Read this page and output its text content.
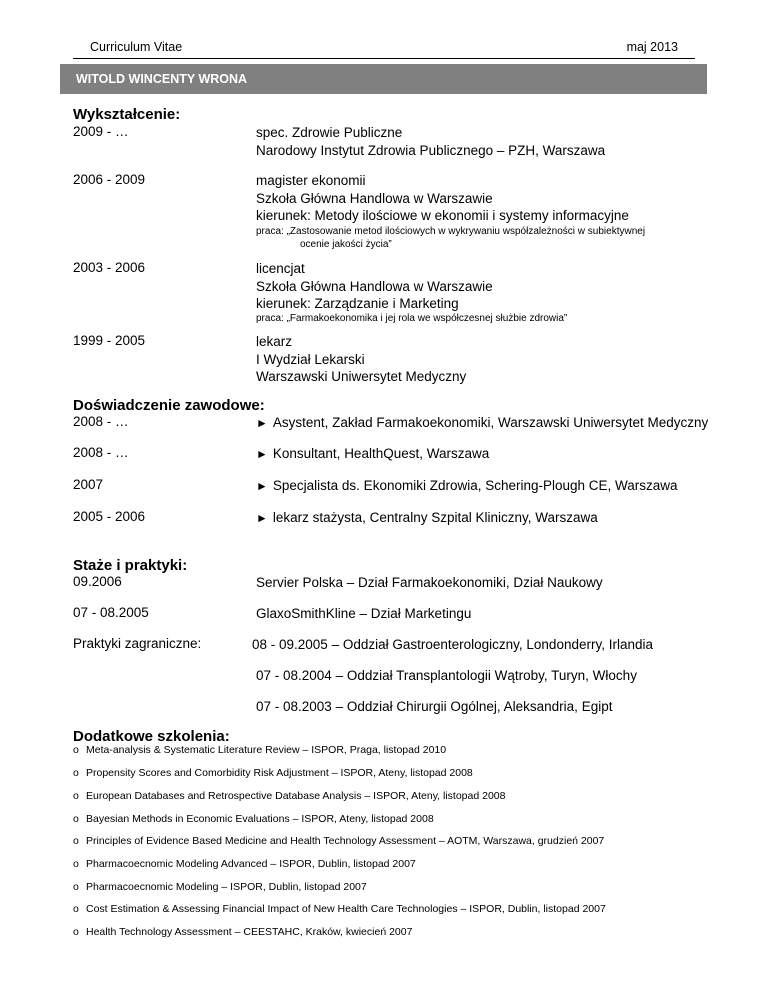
Curriculum Vitae	maj 2013
WITOLD WINCENTY WRONA
Wykształcenie:
2009 - …	spec. Zdrowie Publiczne
Narodowy Instytut Zdrowia Publicznego – PZH, Warszawa
2006 - 2009	magister ekonomii
Szkoła Główna Handlowa w Warszawie
kierunek: Metody ilościowe w ekonomii i systemy informacyjne
praca: „Zastosowanie metod ilościowych w wykrywaniu współzależności w subiektywnej
ocenie jakości życia”
2003 - 2006	licencjat
Szkoła Główna Handlowa w Warszawie
kierunek: Zarządzanie i Marketing
praca: „Farmakoekonomika i jej rola we współczesnej służbie zdrowia”
1999 - 2005	lekarz
I Wydział Lekarski
Warszawski Uniwersytet Medyczny
Doświadczenie zawodowe:
2008 - …	► Asystent, Zakład Farmakoekonomiki, Warszawski Uniwersytet Medyczny
2008 - …	► Konsultant, HealthQuest, Warszawa
2007	► Specjalista ds. Ekonomiki Zdrowia, Schering-Plough CE, Warszawa
2005 - 2006	► lekarz stażysta, Centralny Szpital Kliniczny, Warszawa
Staże i praktyki:
09.2006	Servier Polska – Dział Farmakoekonomiki, Dział Naukowy
07 - 08.2005	GlaxoSmithKline – Dział Marketingu
Praktyki zagraniczne:	08 - 09.2005 – Oddział Gastroenterologiczny, Londonderry, Irlandia
07 - 08.2004 – Oddział Transplantologii Wątroby, Turyn, Włochy
07 - 08.2003 – Oddział Chirurgii Ogólnej, Aleksandria, Egipt
Dodatkowe szkolenia:
o Meta-analysis & Systematic Literature Review – ISPOR, Praga, listopad 2010
o Propensity Scores and Comorbidity Risk Adjustment – ISPOR, Ateny, listopad 2008
o European Databases and Retrospective Database Analysis – ISPOR, Ateny, listopad 2008
o Bayesian Methods in Economic Evaluations – ISPOR, Ateny, listopad 2008
o Principles of Evidence Based Medicine and Health Technology Assessment – AOTM, Warszawa, grudzień 2007
o Pharmacoecnomic Modeling Advanced – ISPOR, Dublin, listopad 2007
o Pharmacoecnomic Modeling – ISPOR, Dublin, listopad 2007
o Cost Estimation & Assessing Financial Impact of New Health Care Technologies – ISPOR, Dublin, listopad 2007
o Health Technology Assessment – CEESTAHC, Kraków, kwiecień 2007
